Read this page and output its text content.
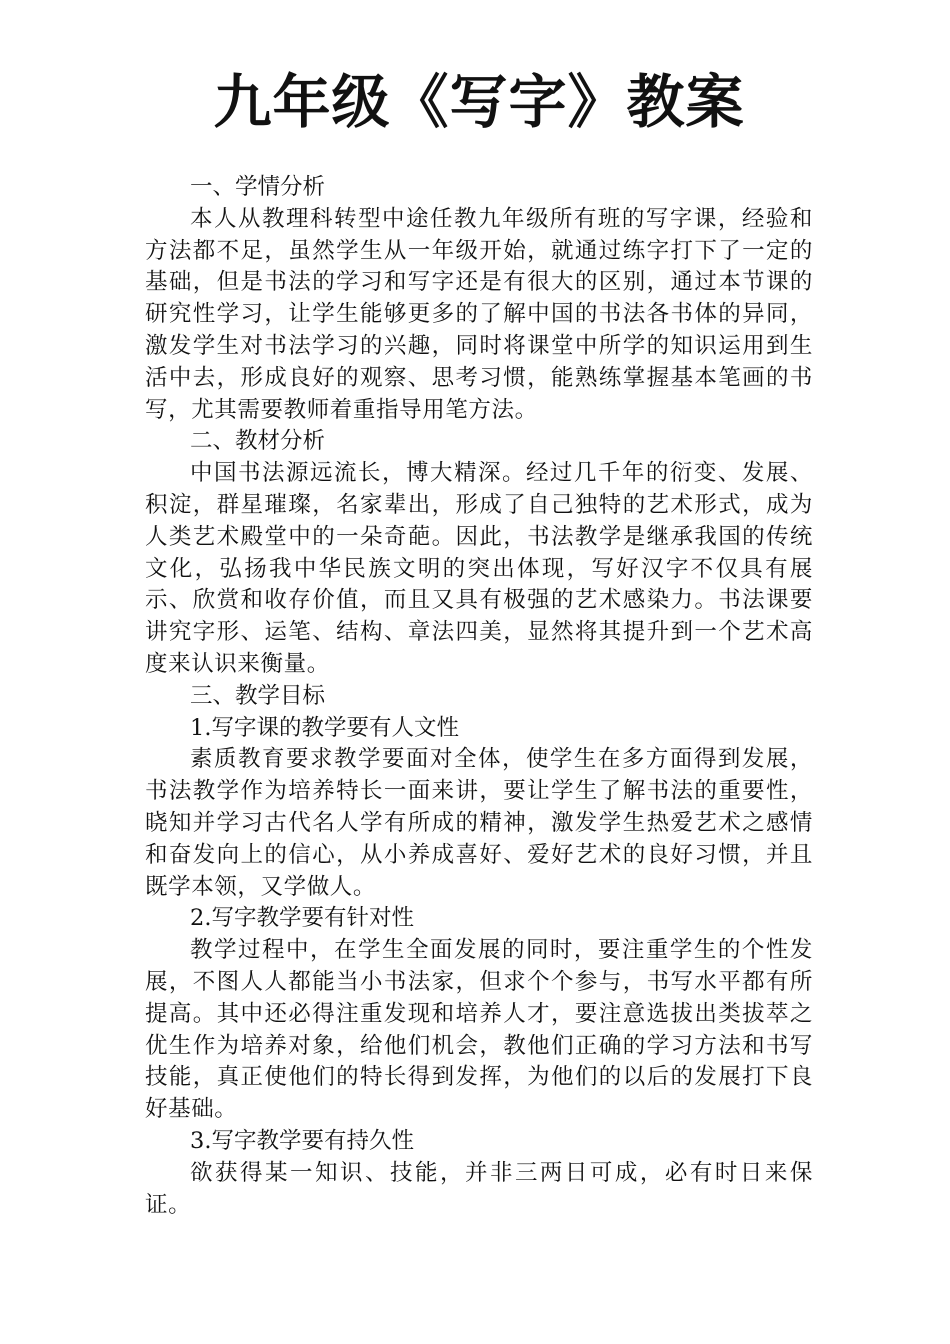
九年级《写字》教案

一、学情分析

本人从教理科转型中途任教九年级所有班的写字课，经验和方法都不足，虽然学生从一年级开始，就通过练字打下了一定的基础，但是书法的学习和写字还是有很大的区别，通过本节课的研究性学习，让学生能够更多的了解中国的书法各书体的异同，激发学生对书法学习的兴趣，同时将课堂中所学的知识运用到生活中去，形成良好的观察、思考习惯，能熟练掌握基本笔画的书写，尤其需要教师着重指导用笔方法。

二、教材分析

中国书法源远流长，博大精深。经过几千年的衍变、发展、积淀，群星璀璨，名家辈出，形成了自己独特的艺术形式，成为人类艺术殿堂中的一朵奇葩。因此，书法教学是继承我国的传统文化，弘扬我中华民族文明的突出体现，写好汉字不仅具有展示、欣赏和收存价值，而且又具有极强的艺术感染力。书法课要讲究字形、运笔、结构、章法四美，显然将其提升到一个艺术高度来认识来衡量。

三、教学目标

1.写字课的教学要有人文性

素质教育要求教学要面对全体，使学生在多方面得到发展，书法教学作为培养特长一面来讲，要让学生了解书法的重要性，晓知并学习古代名人学有所成的精神，激发学生热爱艺术之感情和奋发向上的信心，从小养成喜好、爱好艺术的良好习惯，并且既学本领，又学做人。

2.写字教学要有针对性

教学过程中，在学生全面发展的同时，要注重学生的个性发展，不图人人都能当小书法家，但求个个参与，书写水平都有所提高。其中还必得注重发现和培养人才，要注意选拔出类拔萃之优生作为培养对象，给他们机会，教他们正确的学习方法和书写技能，真正使他们的特长得到发挥，为他们的以后的发展打下良好基础。

3.写字教学要有持久性

欲获得某一知识、技能，并非三两日可成，必有时日来保证。
